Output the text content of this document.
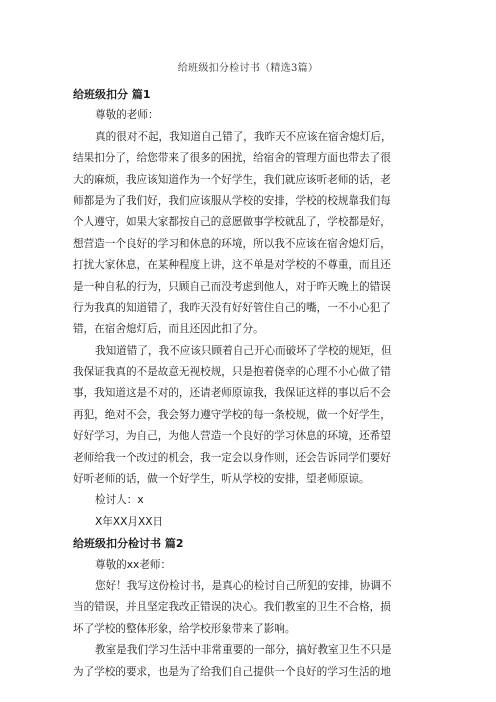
给班级扣分检讨书（精选3篇）
给班级扣分 篇1
尊敬的老师：
真的很对不起，我知道自己错了，我昨天不应该在宿舍熄灯后，
结果扣分了，给您带来了很多的困扰，给宿舍的管理方面也带去了很
大的麻烦，我应该知道作为一个好学生，我们就应该听老师的话，老
师都是为了我们好，我们应该服从学校的安排，学校的校规靠我们每
个人遵守，如果大家都按自己的意愿做事学校就乱了，学校都是好，
想营造一个良好的学习和休息的环境，所以我不应该在宿舍熄灯后，
打扰大家休息，在某种程度上讲，这不单是对学校的不尊重，而且还
是一种自私的行为，只顾自己而没考虑到他人，对于昨天晚上的错误
行为我真的知道错了，我昨天没有好好管住自己的嘴，一不小心犯了
错，在宿舍熄灯后，而且还因此扣了分。
我知道错了，我不应该只顾着自己开心而破坏了学校的规矩，但
我保证我真的不是故意无视校规，只是抱着侥幸的心理不小心做了错
事，我知道这是不对的，还请老师原谅我，我保证这样的事以后不会
再犯，绝对不会，我会努力遵守学校的每一条校规，做一个好学生，
好好学习，为自己，为他人营造一个良好的学习休息的环境，还希望
老师给我一个改过的机会，我一定会以身作则，还会告诉同学们要好
好听老师的话，做一个好学生，听从学校的安排，望老师原谅。
检讨人：x
X年XX月XX日
给班级扣分检讨书 篇2
尊敬的xx老师：
您好！我写这份检讨书，是真心的检讨自己所犯的安排，协调不
当的错误，并且坚定我改正错误的决心。我们教室的卫生不合格，损
坏了学校的整体形象，给学校形象带来了影响。
教室是我们学习生活中非常重要的一部分，搞好教室卫生不只是
为了学校的要求，也是为了给我们自己提供一个良好的学习生活的地
